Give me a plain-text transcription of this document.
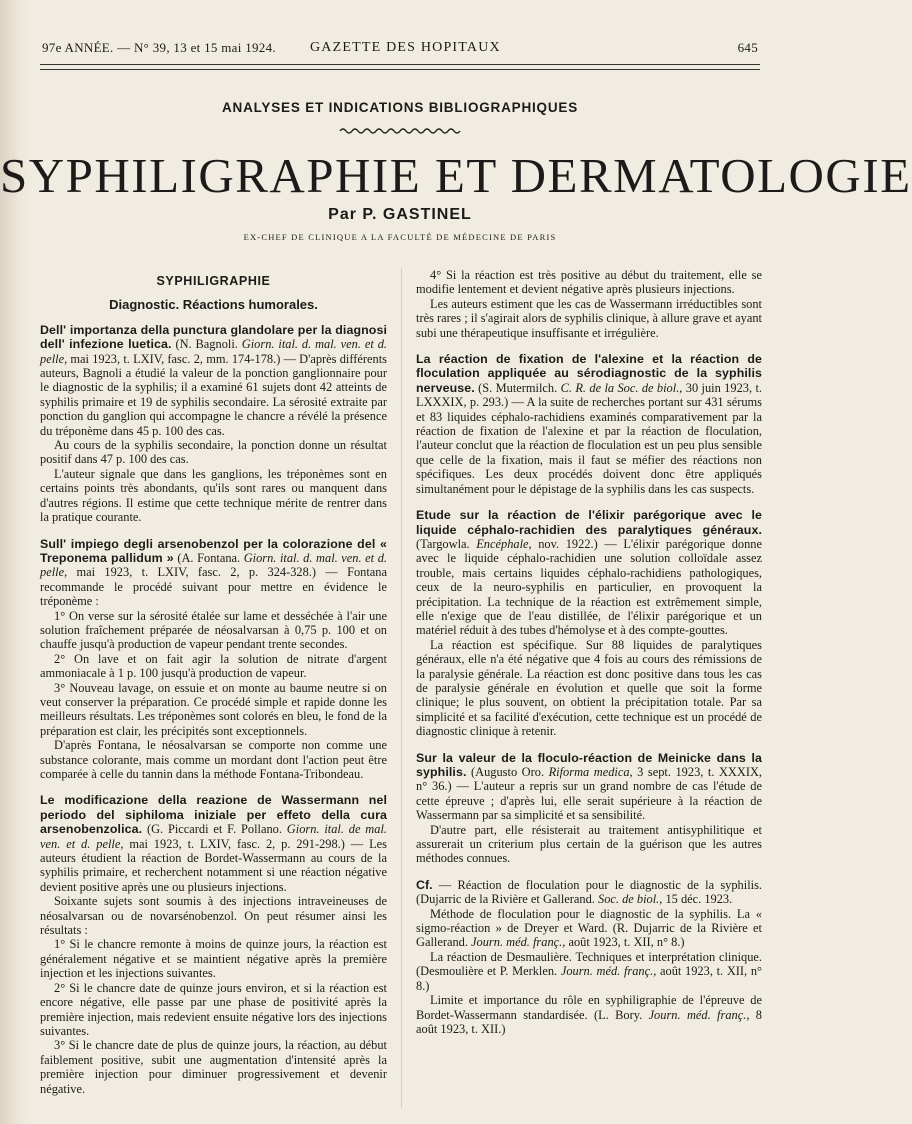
97e ANNÉE. — N° 39, 13 et 15 mai 1924. GAZETTE DES HOPITAUX	645
ANALYSES ET INDICATIONS BIBLIOGRAPHIQUES
SYPHILIGRAPHIE ET DERMATOLOGIE
Par P. GASTINEL
EX-CHEF DE CLINIQUE A LA FACULTÉ DE MÉDECINE DE PARIS
SYPHILIGRAPHIE
Diagnostic. Réactions humorales.

Dell' importanza della punctura glandolare per la diagnosi dell' infezione luetica. (N. Bagnoli. Giorn. ital. d. mal. ven. et d. pelle, mai 1923, t. LXIV, fasc. 2, mm. 174-178.) — D'après différents auteurs, Bagnoli a étudié la valeur de la ponction ganglionnaire pour le diagnostic de la syphilis; il a examiné 61 sujets dont 42 atteints de syphilis primaire et 19 de syphilis secondaire. La sérosité extraite par ponction du ganglion qui accompagne le chancre a révélé la présence du tréponème dans 45 p. 100 des cas.

Au cours de la syphilis secondaire, la ponction donne un résultat positif dans 47 p. 100 des cas.

L'auteur signale que dans les ganglions, les tréponèmes sont en certains points très abondants, qu'ils sont rares ou manquent dans d'autres régions. Il estime que cette technique mérite de rentrer dans la pratique courante.

Sull' impiego degli arsenobenzol per la colorazione del « Treponema pallidum » (A. Fontana. Giorn. ital. d. mal. ven. et d. pelle, mai 1923, t. LXIV, fasc. 2, p. 324-328.) — Fontana recommande le procédé suivant pour mettre en évidence le tréponème :

1° On verse sur la sérosité étalée sur lame et desséchée à l'air une solution fraîchement préparée de néosalvarsan à 0,75 p. 100 et on chauffe jusqu'à production de vapeur pendant trente secondes.

2° On lave et on fait agir la solution de nitrate d'argent ammoniacale à 1 p. 100 jusqu'à production de vapeur.

3° Nouveau lavage, on essuie et on monte au baume neutre si on veut conserver la préparation. Ce procédé simple et rapide donne les meilleurs résultats. Les tréponèmes sont colorés en bleu, le fond de la préparation est clair, les précipités sont exceptionnels.

D'après Fontana, le néosalvarsan se comporte non comme une substance colorante, mais comme un mordant dont l'action peut être comparée à celle du tannin dans la méthode Fontana-Tribondeau.

Le modificazione della reazione de Wassermann nel periodo del siphiloma iniziale per effeto della cura arsenobenzolica. (G. Piccardi et F. Pollano. Giorn. ital. de mal. ven. et d. pelle, mai 1923, t. LXIV, fasc. 2, p. 291-298.) — Les auteurs étudient la réaction de Bordet-Wassermann au cours de la syphilis primaire, et recherchent notamment si une réaction négative devient positive après une ou plusieurs injections.

Soixante sujets sont soumis à des injections intraveineuses de néosalvarsan ou de novarsénobenzol. On peut résumer ainsi les résultats :

1° Si le chancre remonte à moins de quinze jours, la réaction est généralement négative et se maintient négative après la première injection et les injections suivantes.

2° Si le chancre date de quinze jours environ, et si la réaction est encore négative, elle passe par une phase de positivité après la première injection, mais redevient ensuite négative lors des injections suivantes.

3° Si le chancre date de plus de quinze jours, la réaction, au début faiblement positive, subit une augmentation d'intensité après la première injection pour diminuer progressivement et devenir négative.

4° Si la réaction est très positive au début du traitement, elle se modifie lentement et devient négative après plusieurs injections.

Les auteurs estiment que les cas de Wassermann irréductibles sont très rares ; il s'agirait alors de syphilis clinique, à allure grave et ayant subi une thérapeutique insuffisante et irrégulière.

La réaction de fixation de l'alexine et la réaction de floculation appliquée au sérodiagnostic de la syphilis nerveuse. (S. Mutermilch. C. R. de la Soc. de biol., 30 juin 1923, t. LXXXIX, p. 293.) — A la suite de recherches portant sur 431 sérums et 83 liquides céphalo-rachidiens examinés comparativement par la réaction de fixation de l'alexine et par la réaction de floculation, l'auteur conclut que la réaction de floculation est un peu plus sensible que celle de la fixation, mais il faut se méfier des réactions non spécifiques. Les deux procédés doivent donc être appliqués simultanément pour le dépistage de la syphilis dans les cas suspects.

Etude sur la réaction de l'élixir parégorique avec le liquide céphalo-rachidien des paralytiques généraux. (Targowla. Encéphale, nov. 1922.) — L'élixir parégorique donne avec le liquide céphalo-rachidien une solution colloïdale assez trouble, mais certains liquides céphalo-rachidiens pathologiques, ceux de la neuro-syphilis en particulier, en provoquent la précipitation. La technique de la réaction est extrêmement simple, elle n'exige que de l'eau distillée, de l'élixir parégorique et un matériel réduit à des tubes d'hémolyse et à des compte-gouttes.

La réaction est spécifique. Sur 88 liquides de paralytiques généraux, elle n'a été négative que 4 fois au cours des rémissions de la paralysie générale. La réaction est donc positive dans tous les cas de paralysie générale en évolution et quelle que soit la forme clinique; le plus souvent, on obtient la précipitation totale. Par sa simplicité et sa facilité d'exécution, cette technique est un procédé de diagnostic clinique à retenir.

Sur la valeur de la floculo-réaction de Meinicke dans la syphilis. (Augusto Oro. Riforma medica, 3 sept. 1923, t. XXXIX, n° 36.) — L'auteur a repris sur un grand nombre de cas l'étude de cette épreuve ; d'après lui, elle serait supérieure à la réaction de Wassermann par sa simplicité et sa sensibilité.

D'autre part, elle résisterait au traitement antisyphilitique et assurerait un criterium plus certain de la guérison que les autres méthodes connues.

Cf. — Réaction de floculation pour le diagnostic de la syphilis. (Dujarric de la Rivière et Gallerand. Soc. de biol., 15 déc. 1923.

Méthode de floculation pour le diagnostic de la syphilis. La « sigmo-réaction » de Dreyer et Ward. (R. Dujarric de la Rivière et Gallerand. Journ. méd. franç., août 1923, t. XII, n° 8.)

La réaction de Desmaulière. Techniques et interprétation clinique. (Desmoulière et P. Merklen. Journ. méd. franç., août 1923, t. XII, n° 8.)

Limite et importance du rôle en syphiligraphie de l'épreuve de Bordet-Wassermann standardisée. (L. Bory. Journ. méd. franç., 8 août 1923, t. XII.)
